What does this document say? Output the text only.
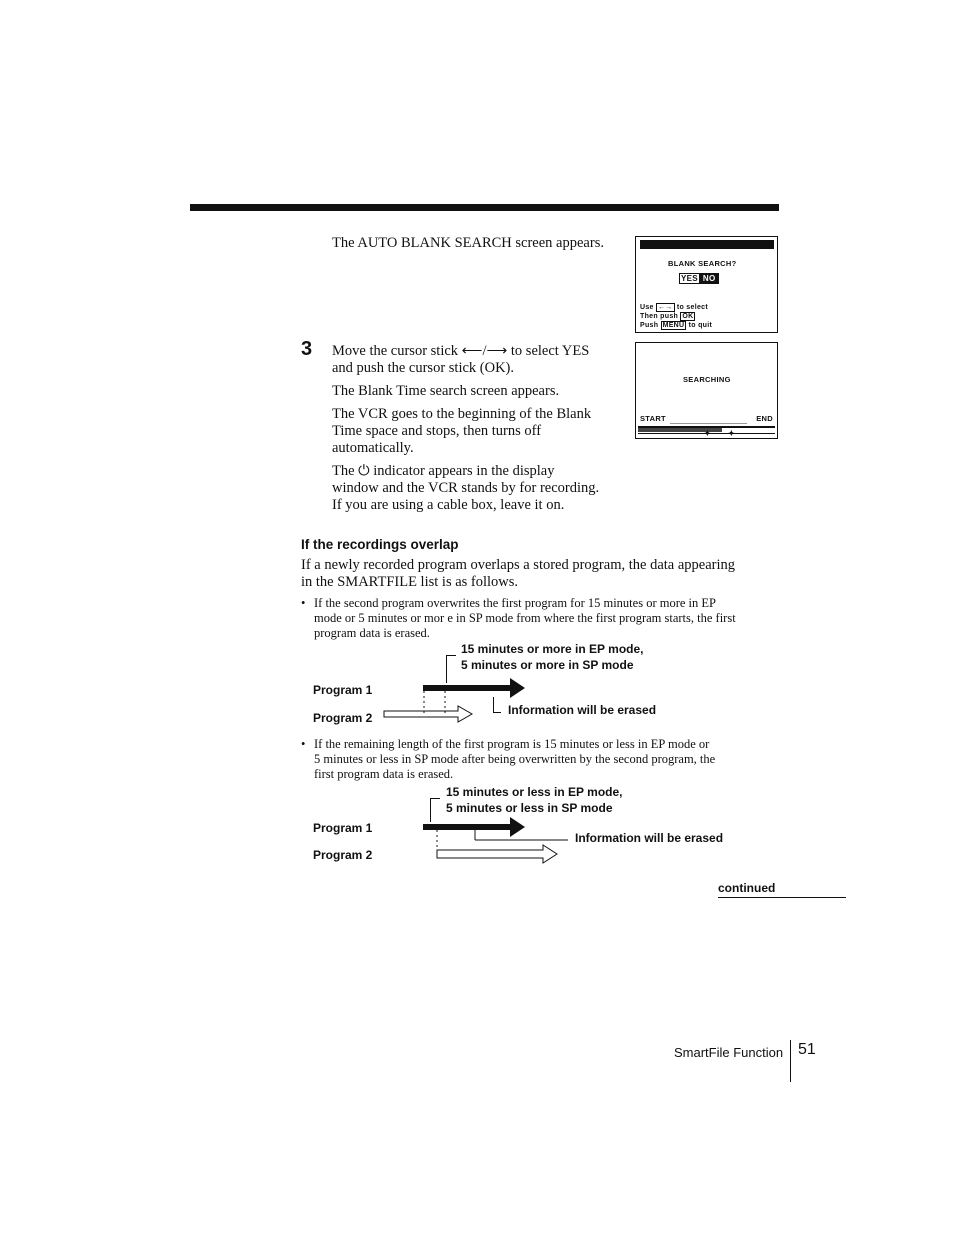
The AUTO BLANK SEARCH screen appears.
BLANK SEARCH?
YES NO
Use ←→ to select
Then push OK
Push MENU to quit
SEARCHING
START	END
✦ ✦
3 Move the cursor stick ⟵/⟶ to select YES
and push the cursor stick (OK).
The Blank Time search screen appears.
The VCR goes to the beginning of the Blank
Time space and stops, then turns off
automatically.
The ⏻ indicator appears in the display
window and the VCR stands by for recording.
If you are using a cable box, leave it on.
If the recordings overlap
If a newly recorded program overlaps a stored program, the data appearing
in the SMARTFILE list is as follows.
• If the second program overwrites the first program for 15 minutes or more in EP
mode or 5 minutes or mor e in SP mode from where the first program starts, the first
program data is erased.
15 minutes or more in EP mode,
5 minutes or more in SP mode
Program 1
Program 2
Information will be erased
• If the remaining length of the first program is 15 minutes or less in EP mode or
5 minutes or less in SP mode after being overwritten by the second program, the
first program data is erased.
15 minutes or less in EP mode,
5 minutes or less in SP mode
Program 1
Program 2
Information will be erased
continued
SmartFile Function 51
